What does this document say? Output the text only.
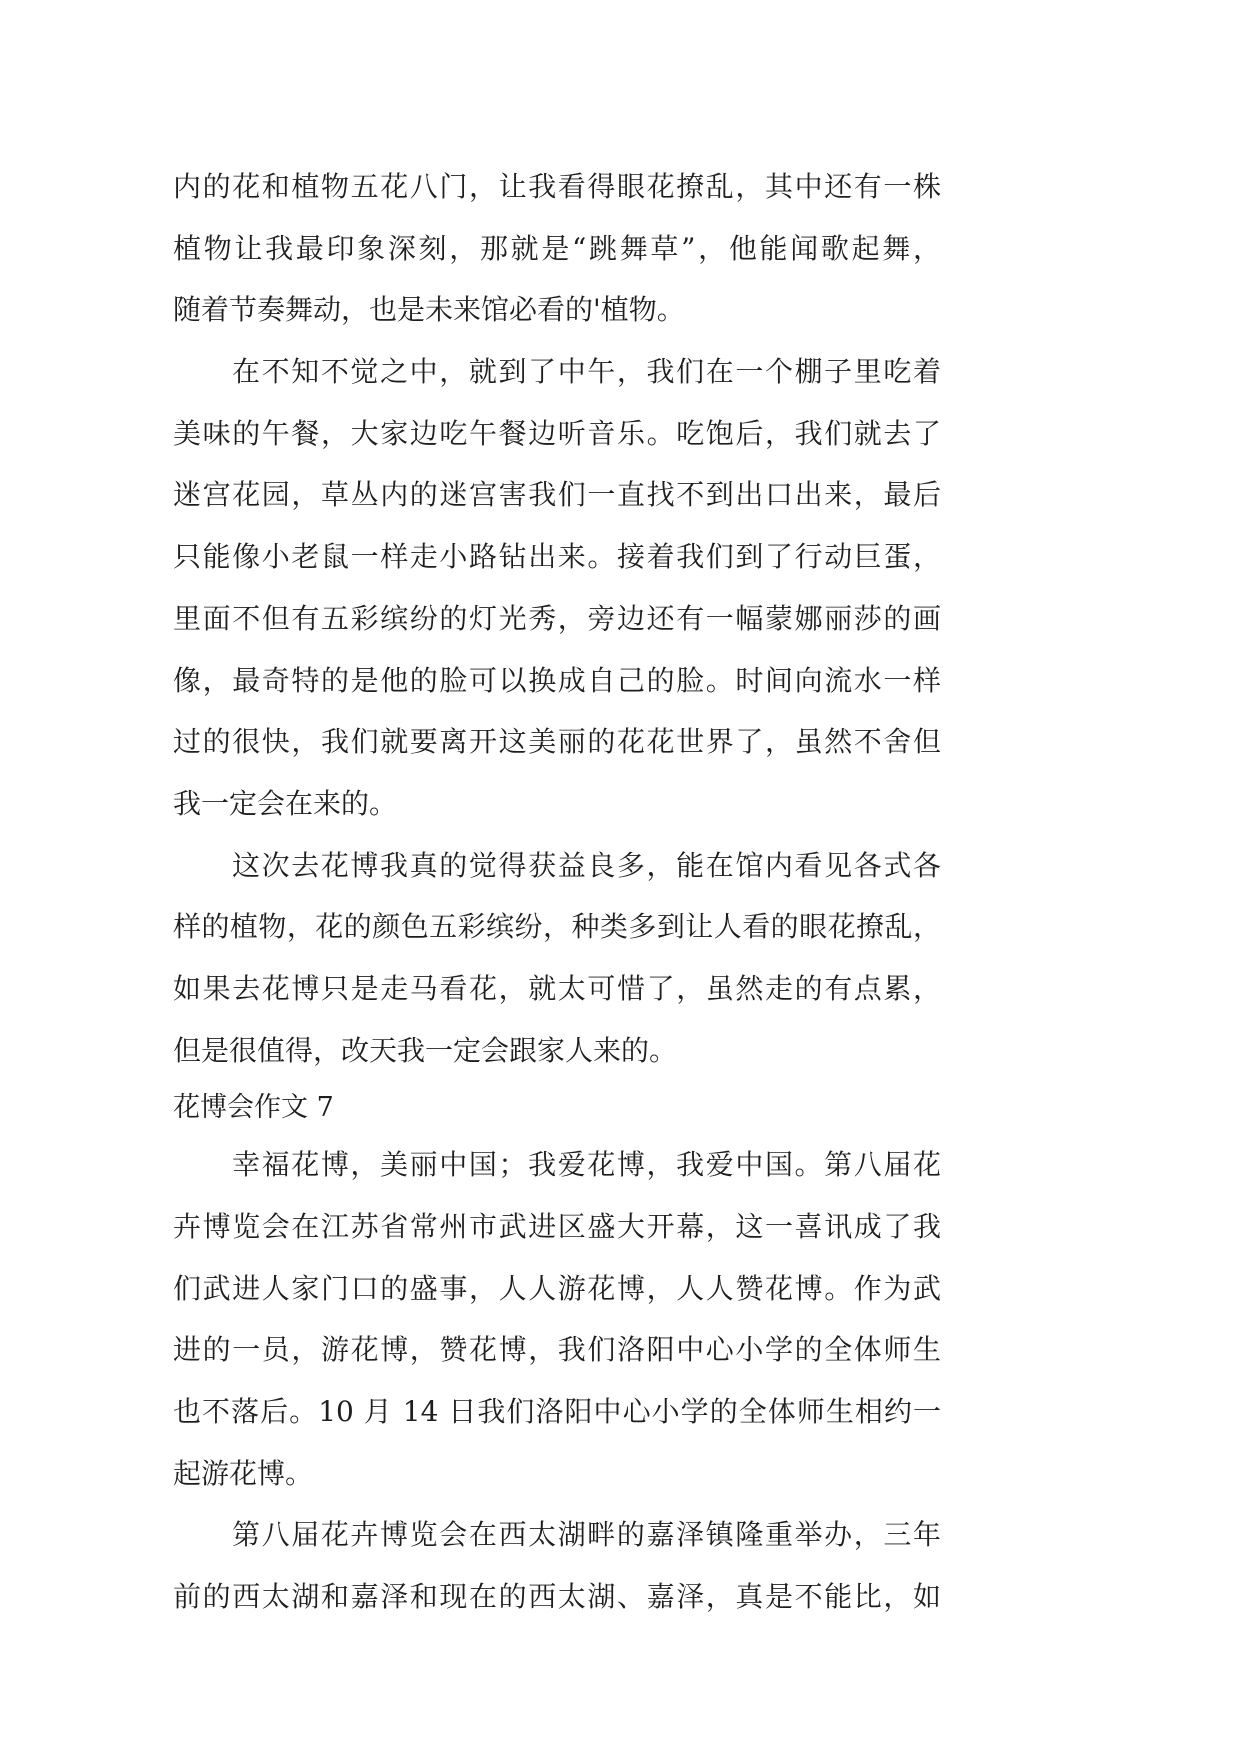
内的花和植物五花八门，让我看得眼花撩乱，其中还有一株
植物让我最印象深刻，那就是“跳舞草”，他能闻歌起舞，
随着节奏舞动，也是未来馆必看的'植物。
在不知不觉之中，就到了中午，我们在一个棚子里吃着
美味的午餐，大家边吃午餐边听音乐。吃饱后，我们就去了
迷宫花园，草丛内的迷宫害我们一直找不到出口出来，最后
只能像小老鼠一样走小路钻出来。接着我们到了行动巨蛋，
里面不但有五彩缤纷的灯光秀，旁边还有一幅蒙娜丽莎的画
像，最奇特的是他的脸可以换成自己的脸。时间向流水一样
过的很快，我们就要离开这美丽的花花世界了，虽然不舍但
我一定会在来的。
这次去花博我真的觉得获益良多，能在馆内看见各式各
样的植物，花的颜色五彩缤纷，种类多到让人看的眼花撩乱，
如果去花博只是走马看花，就太可惜了，虽然走的有点累，
但是很值得，改天我一定会跟家人来的。
花博会作文 7
幸福花博，美丽中国；我爱花博，我爱中国。第八届花
卉博览会在江苏省常州市武进区盛大开幕，这一喜讯成了我
们武进人家门口的盛事，人人游花博，人人赞花博。作为武
进的一员，游花博，赞花博，我们洛阳中心小学的全体师生
也不落后。10 月 14 日我们洛阳中心小学的全体师生相约一
起游花博。
第八届花卉博览会在西太湖畔的嘉泽镇隆重举办，三年
前的西太湖和嘉泽和现在的西太湖、嘉泽，真是不能比，如
